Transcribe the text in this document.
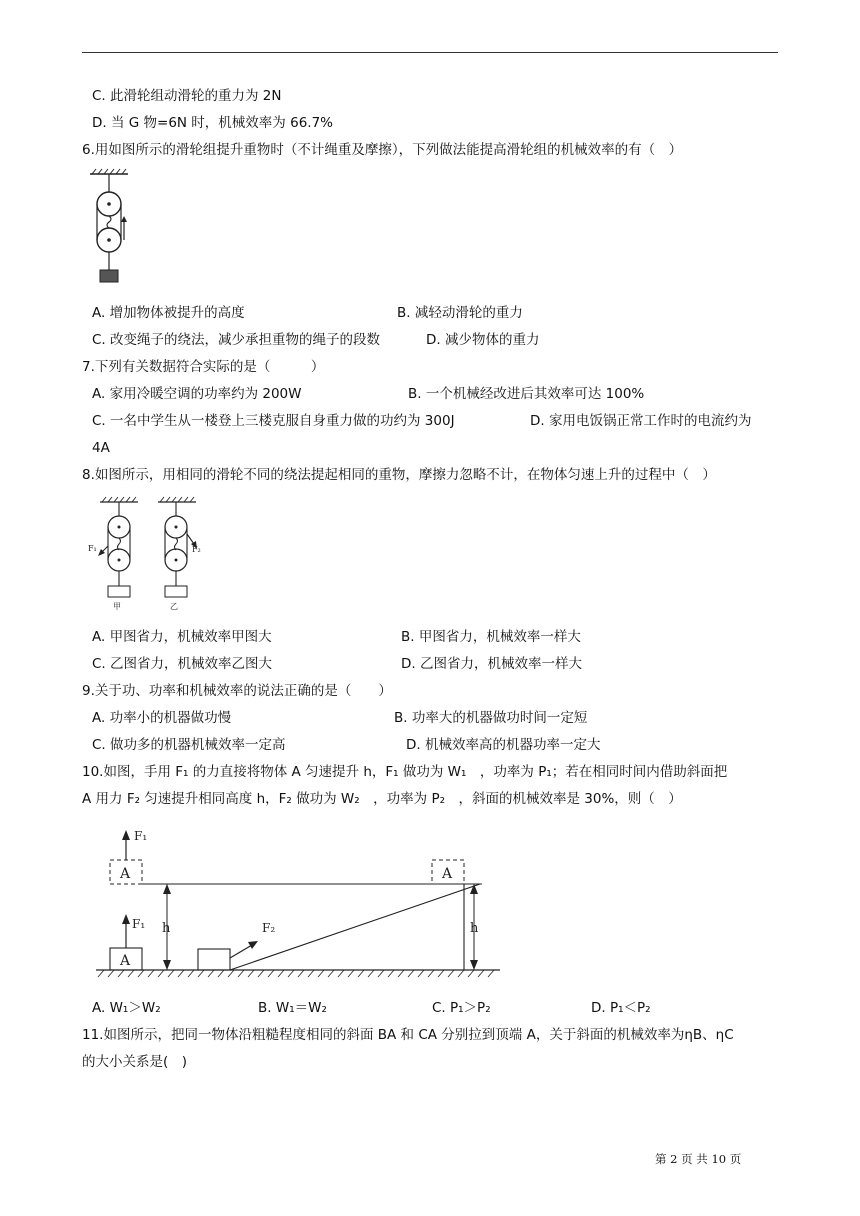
C. 此滑轮组动滑轮的重力为 2N
D. 当 G 物=6N 时，机械效率为 66.7%
6.用如图所示的滑轮组提升重物时（不计绳重及摩擦），下列做法能提高滑轮组的机械效率的有（　）
A. 增加物体被提升的高度	B. 减轻动滑轮的重力
C. 改变绳子的绕法，减少承担重物的绳子的段数	D. 减少物体的重力
7.下列有关数据符合实际的是（　　　）
A. 家用冷暖空调的功率约为 200W	B. 一个机械经改进后其效率可达 100%
C. 一名中学生从一楼登上三楼克服自身重力做的功约为 300J	D. 家用电饭锅正常工作时的电流约为
4A
8.如图所示，用相同的滑轮不同的绕法提起相同的重物，摩擦力忽略不计，在物体匀速上升的过程中（　）
F₁	F₂
甲	乙
A. 甲图省力，机械效率甲图大	B. 甲图省力，机械效率一样大
C. 乙图省力，机械效率乙图大	D. 乙图省力，机械效率一样大
9.关于功、功率和机械效率的说法正确的是（　　）
A. 功率小的机器做功慢	B. 功率大的机器做功时间一定短
C. 做功多的机器机械效率一定高	D. 机械效率高的机器功率一定大
10.如图，手用 F₁ 的力直接将物体 A 匀速提升 h，F₁ 做功为 W₁　，功率为 P₁；若在相同时间内借助斜面把
A 用力 F₂ 匀速提升相同高度 h，F₂ 做功为 W₂　，功率为 P₂　，斜面的机械效率是 30%，则（　）
A
F₁
h
A
F₁	F₂	h
A
A. W₁＞W₂	B. W₁＝W₂	C. P₁＞P₂	D. P₁＜P₂
11.如图所示，把同一物体沿粗糙程度相同的斜面 BA 和 CA 分别拉到顶端 A，关于斜面的机械效率为ηB、ηC
的大小关系是(　)
第 2 页 共 10 页
